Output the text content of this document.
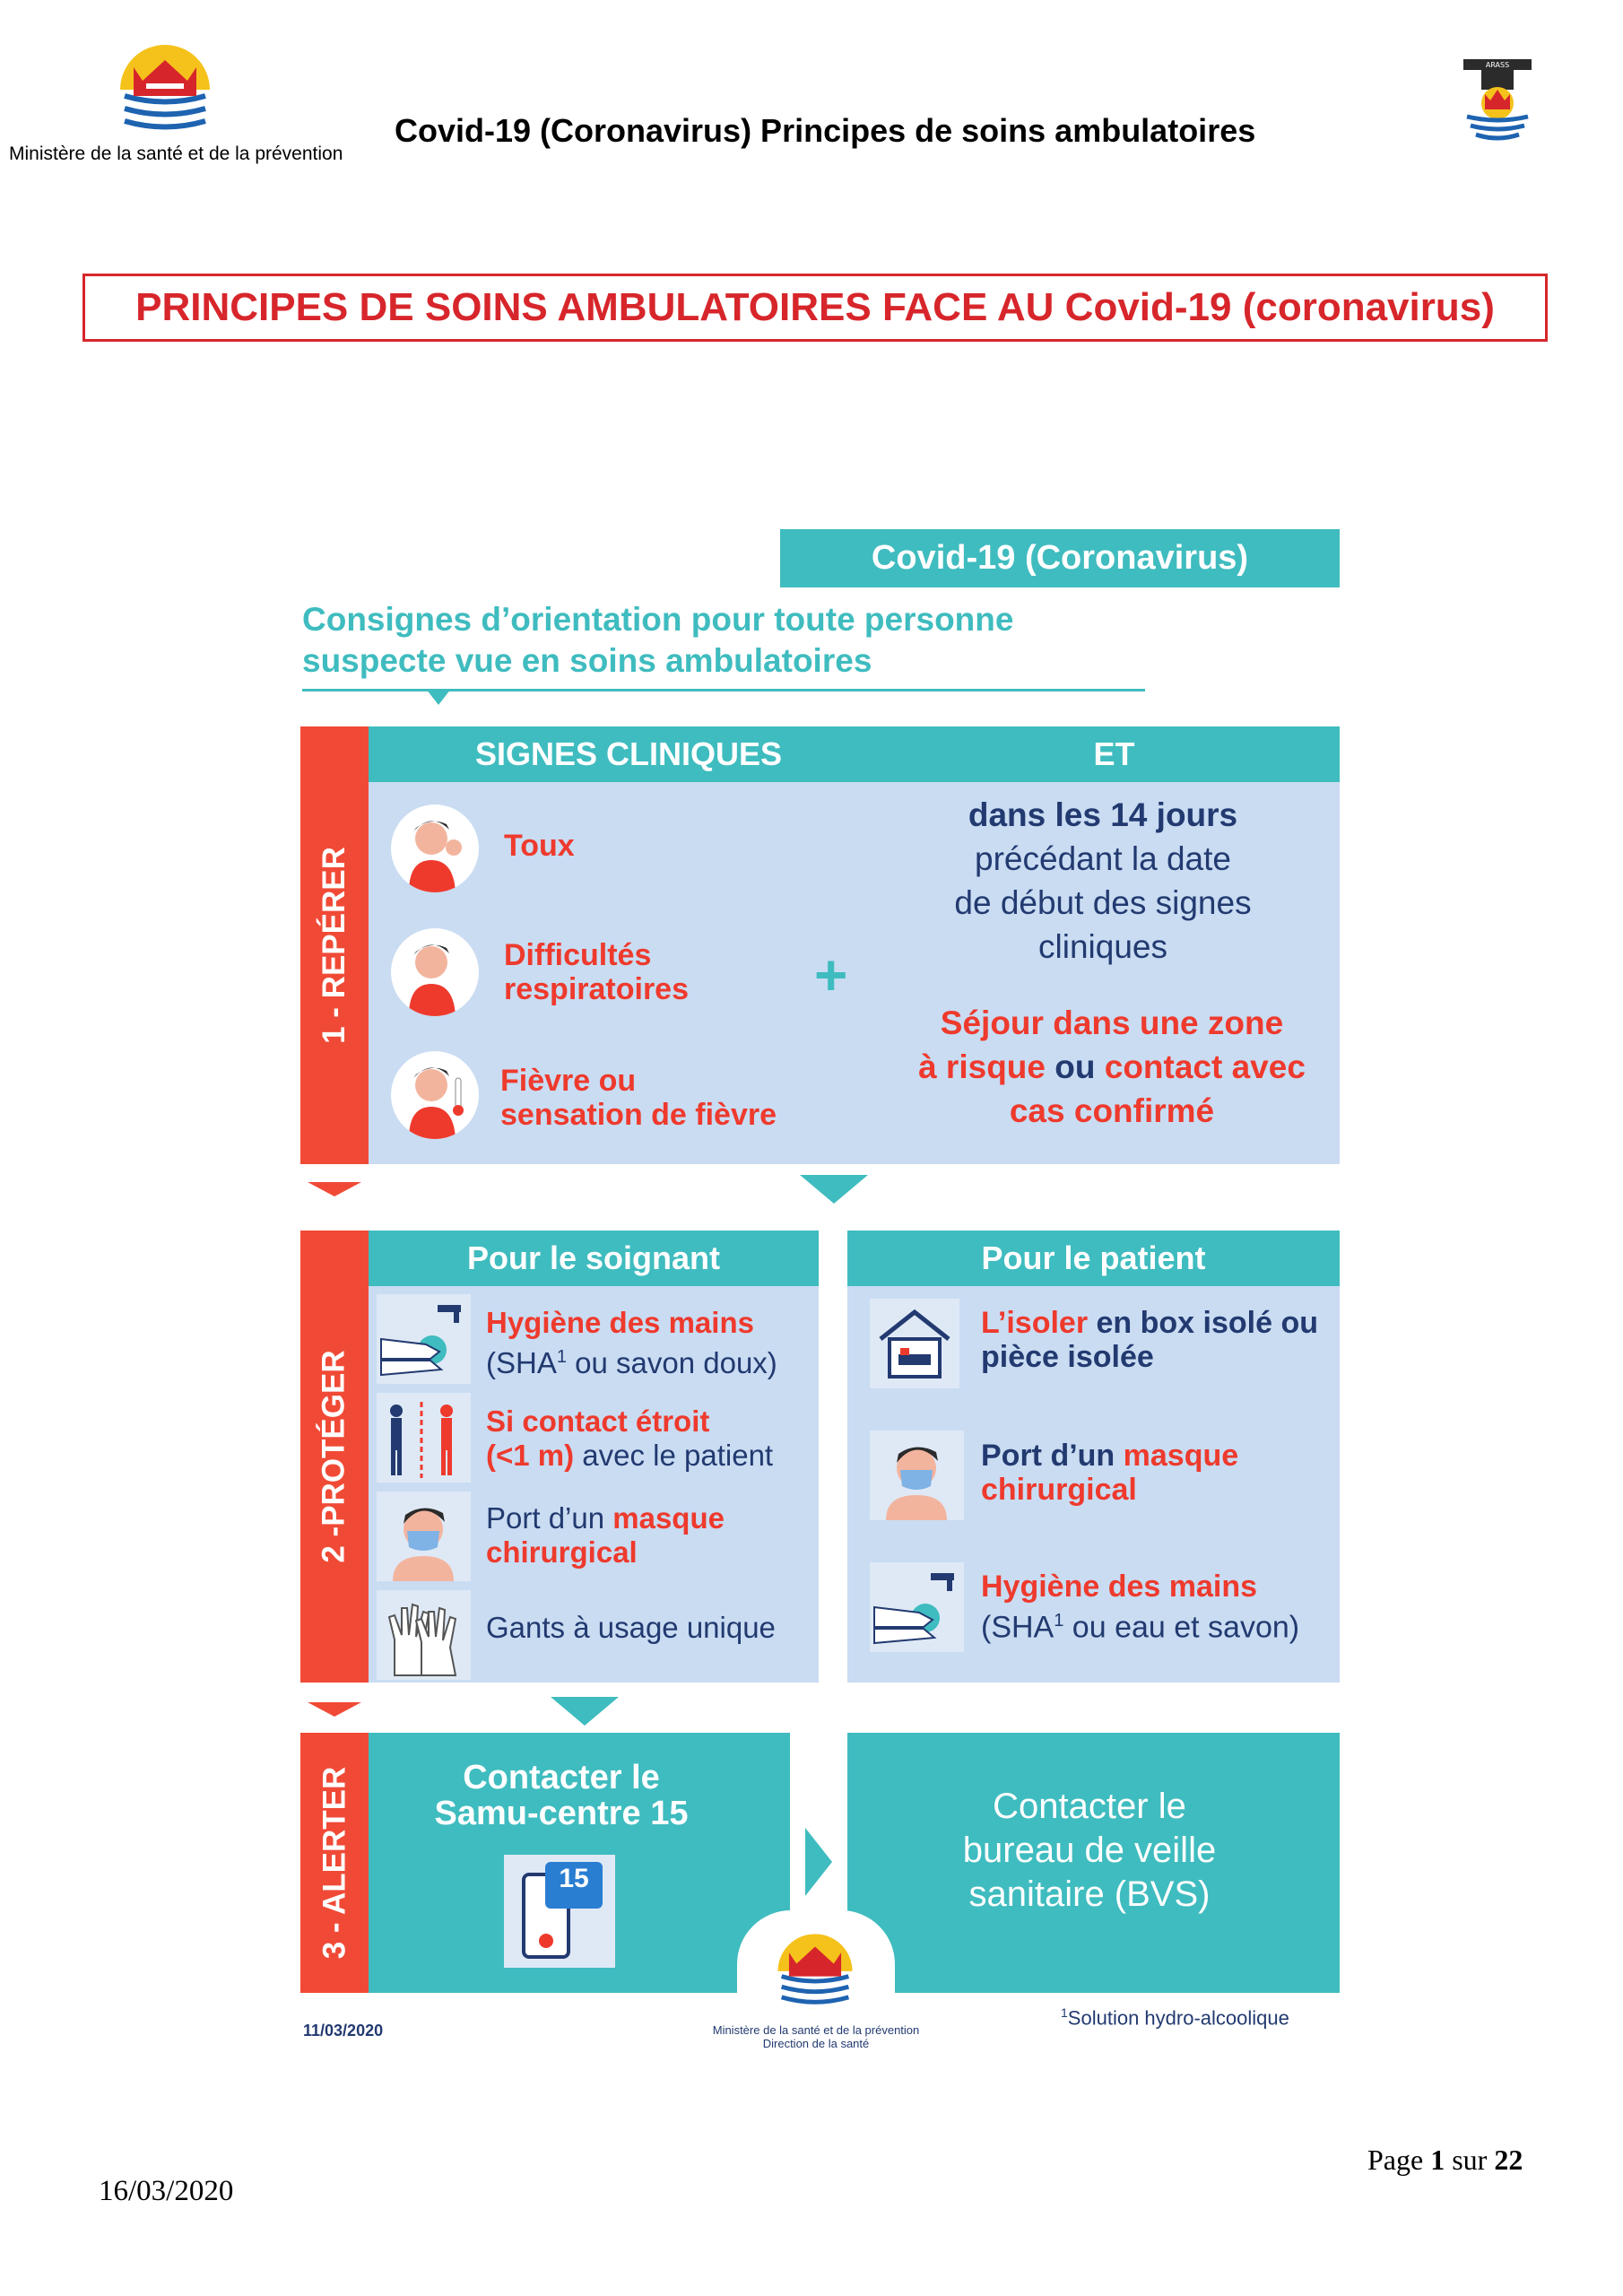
Ministère de la santé et de la prévention
Covid-19 (Coronavirus) Principes de soins ambulatoires
ARASS
PRINCIPES DE SOINS AMBULATOIRES FACE AU Covid-19 (coronavirus)
Covid-19 (Coronavirus)
Consignes d’orientation pour toute personne
suspecte vue en soins ambulatoires
1 - REPÉRER
SIGNES CLINIQUES	ET
Toux
Difficultés
respiratoires
Fièvre ou
sensation de fièvre
+
dans les 14 jours
précédant la date
de début des signes
cliniques
Séjour dans une zone
à risque ou contact avec
cas confirmé
2 -PROTÉGER
Pour le soignant	Pour le patient
Hygiène des mains
(SHA$^1$ ou savon doux)
Si contact étroit
(<1 m) avec le patient
Port d’un masque
chirurgical
Gants à usage unique
L’isoler en box isolé ou
pièce isolée
Port d’un masque
chirurgical
Hygiène des mains
(SHA$^1$ ou eau et savon)
3 - ALERTER	Contacter le
Samu-centre 15
15
Contacter le
bureau de veille
sanitaire (BVS)
Ministère de la santé et de la prévention
Direction de la santé
11/03/2020
$^1$Solution hydro-alcoolique
Page 1 sur 22
16/03/2020
